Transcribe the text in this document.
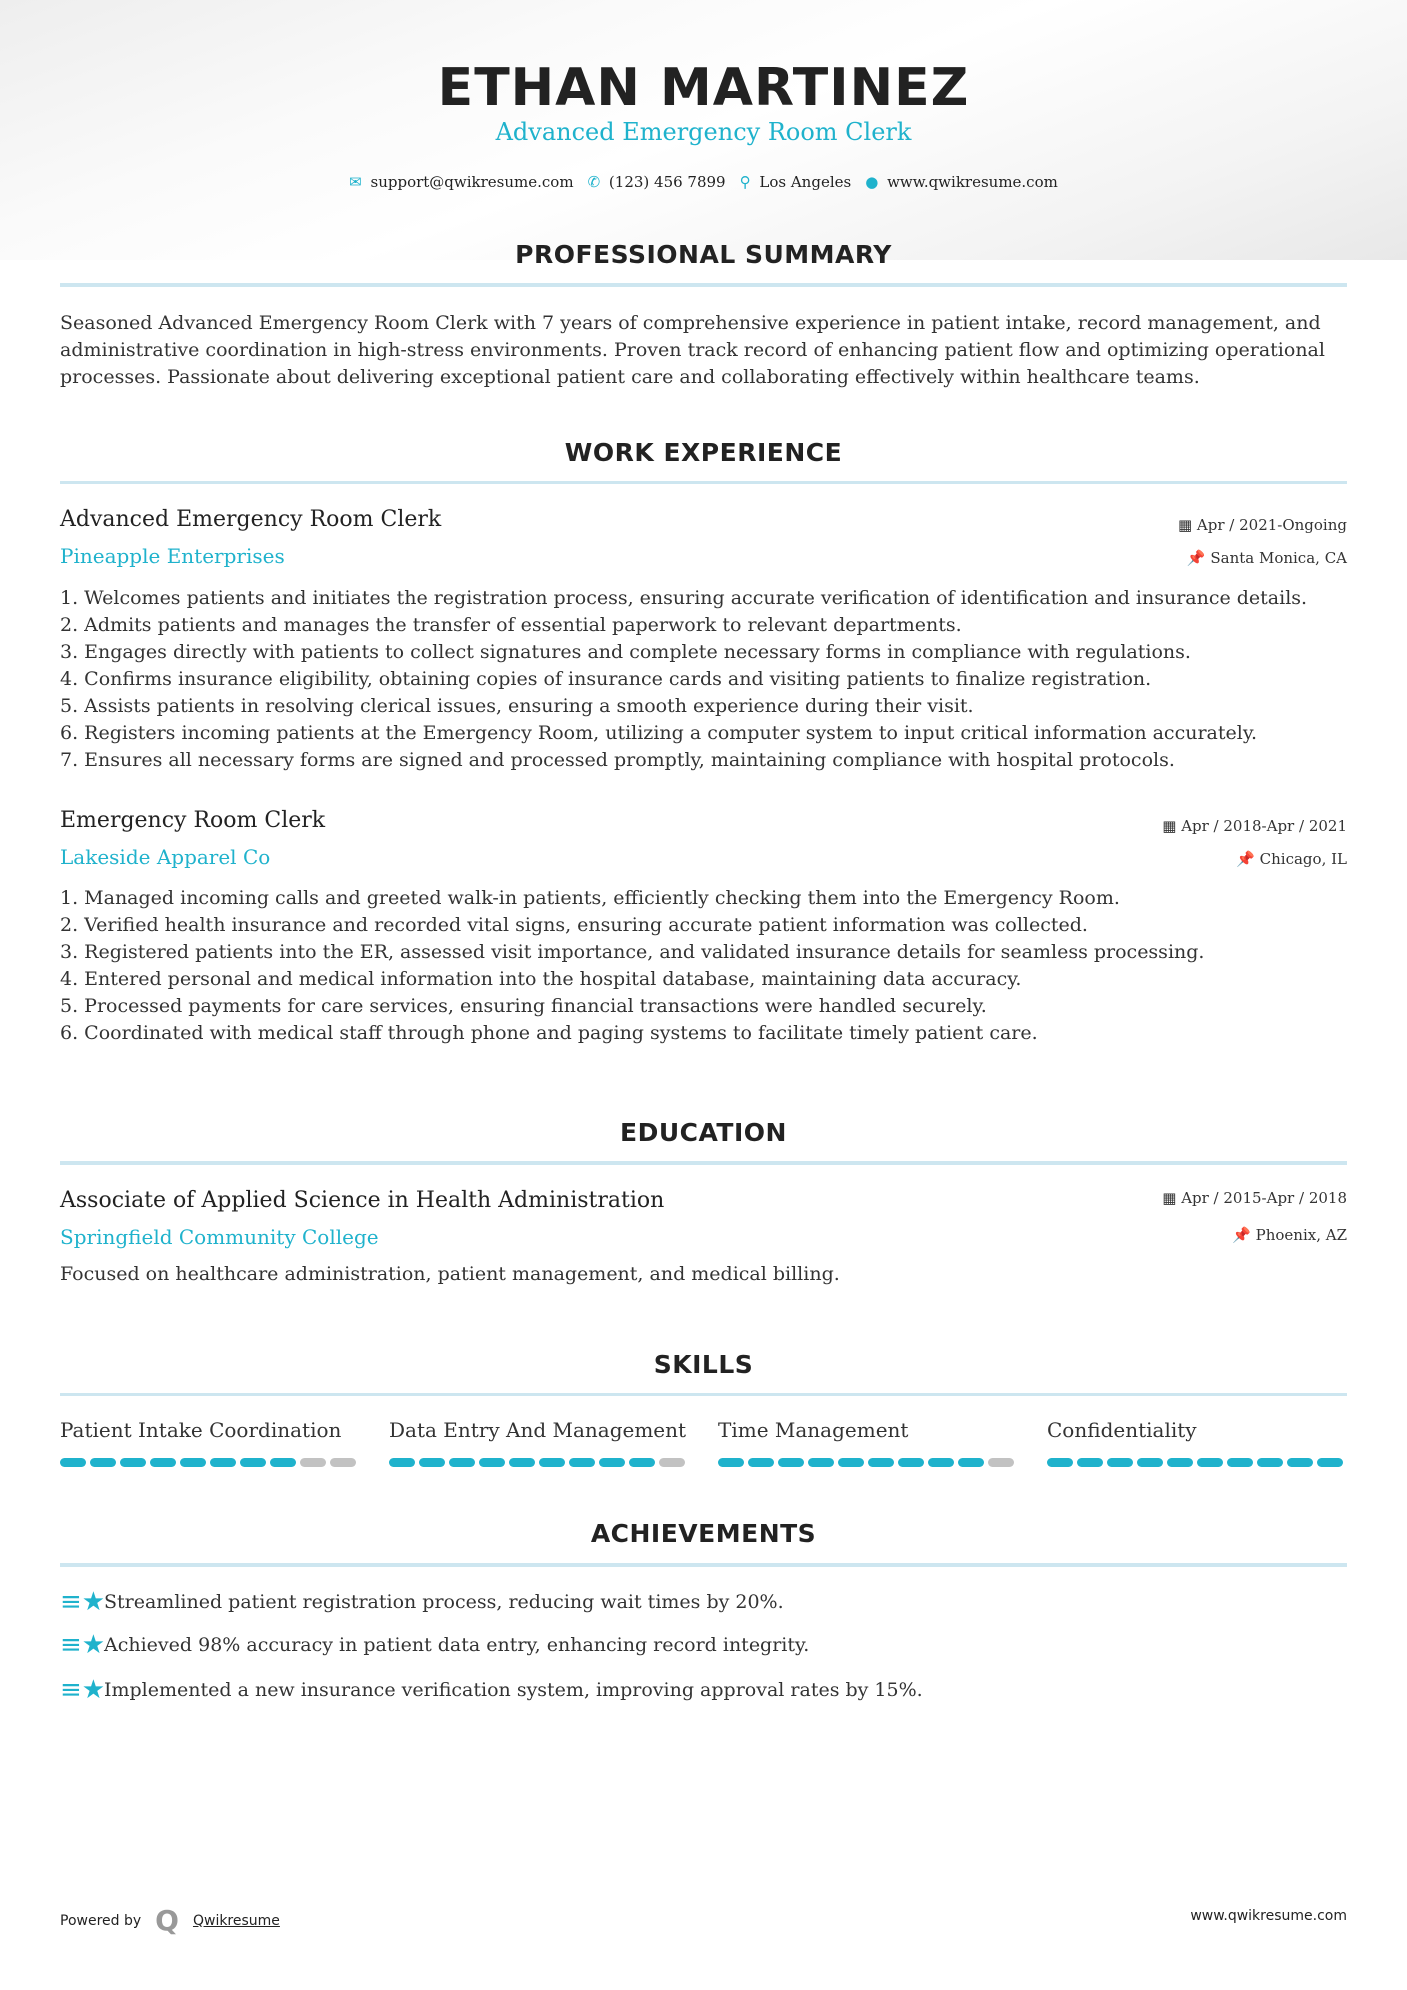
ETHAN MARTINEZ
Advanced Emergency Room Clerk
✉ support@qwikresume.com ✆ (123) 456 7899 ⚲ Los Angeles ● www.qwikresume.com
PROFESSIONAL SUMMARY
Seasoned Advanced Emergency Room Clerk with 7 years of comprehensive experience in patient intake, record management, and administrative coordination in high-stress environments. Proven track record of enhancing patient flow and optimizing operational processes. Passionate about delivering exceptional patient care and collaborating effectively within healthcare teams.
WORK EXPERIENCE
Advanced Emergency Room Clerk
Pineapple Enterprises
▦ Apr / 2021-Ongoing
📌 Santa Monica, CA
1. Welcomes patients and initiates the registration process, ensuring accurate verification of identification and insurance details.
2. Admits patients and manages the transfer of essential paperwork to relevant departments.
3. Engages directly with patients to collect signatures and complete necessary forms in compliance with regulations.
4. Confirms insurance eligibility, obtaining copies of insurance cards and visiting patients to finalize registration.
5. Assists patients in resolving clerical issues, ensuring a smooth experience during their visit.
6. Registers incoming patients at the Emergency Room, utilizing a computer system to input critical information accurately.
7. Ensures all necessary forms are signed and processed promptly, maintaining compliance with hospital protocols.
Emergency Room Clerk
Lakeside Apparel Co
▦ Apr / 2018-Apr / 2021
📌 Chicago, IL
1. Managed incoming calls and greeted walk-in patients, efficiently checking them into the Emergency Room.
2. Verified health insurance and recorded vital signs, ensuring accurate patient information was collected.
3. Registered patients into the ER, assessed visit importance, and validated insurance details for seamless processing.
4. Entered personal and medical information into the hospital database, maintaining data accuracy.
5. Processed payments for care services, ensuring financial transactions were handled securely.
6. Coordinated with medical staff through phone and paging systems to facilitate timely patient care.
EDUCATION
Associate of Applied Science in Health Administration
Springfield Community College
▦ Apr / 2015-Apr / 2018
📌 Phoenix, AZ
Focused on healthcare administration, patient management, and medical billing.
SKILLS
Patient Intake Coordination	Data Entry And Management Time Management	Confidentiality
ACHIEVEMENTS
≡★
Streamlined patient registration process, reducing wait times by 20%.
≡★
Achieved 98% accuracy in patient data entry, enhancing record integrity.
≡★
Implemented a new insurance verification system, improving approval rates by 15%.
Powered by Q Qwikresume	www.qwikresume.com
